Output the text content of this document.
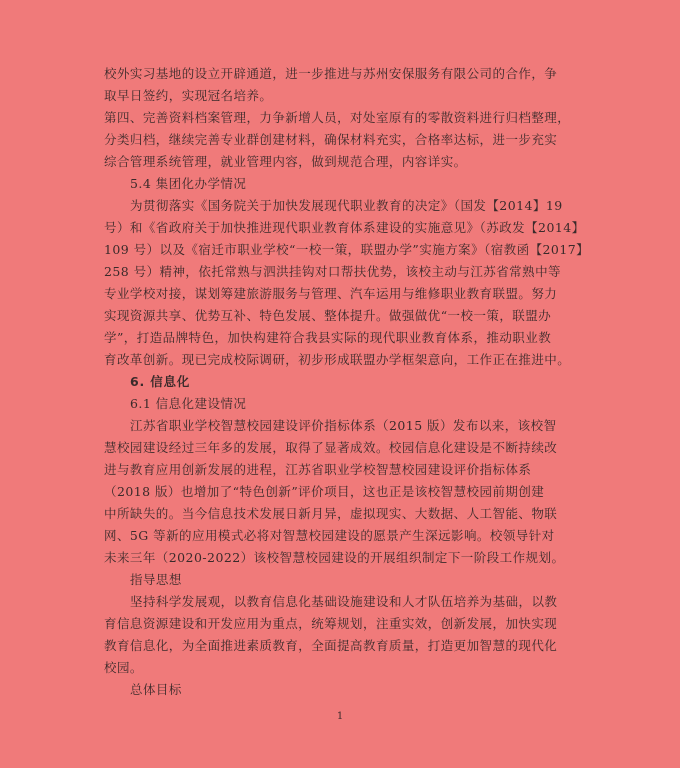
校外实习基地的设立开辟通道，进一步推进与苏州安保服务有限公司的合作，争
取早日签约，实现冠名培养。
第四、完善资料档案管理，力争新增人员，对处室原有的零散资料进行归档整理，
分类归档，继续完善专业群创建材料，确保材料充实，合格率达标，进一步充实
综合管理系统管理，就业管理内容，做到规范合理，内容详实。
5.4 集团化办学情况
为贯彻落实《国务院关于加快发展现代职业教育的决定》（国发【2014】19
号）和《省政府关于加快推进现代职业教育体系建设的实施意见》（苏政发【2014】
109 号）以及《宿迁市职业学校“一校一策，联盟办学”实施方案》（宿教函【2017】
258 号）精神，依托常熟与泗洪挂钩对口帮扶优势，该校主动与江苏省常熟中等
专业学校对接，谋划筹建旅游服务与管理、汽车运用与维修职业教育联盟。努力
实现资源共享、优势互补、特色发展、整体提升。做强做优“一校一策，联盟办
学”，打造品牌特色，加快构建符合我县实际的现代职业教育体系，推动职业教
育改革创新。现已完成校际调研，初步形成联盟办学框架意向，工作正在推进中。
6. 信息化
6.1 信息化建设情况
江苏省职业学校智慧校园建设评价指标体系（2015 版）发布以来，该校智
慧校园建设经过三年多的发展，取得了显著成效。校园信息化建设是不断持续改
进与教育应用创新发展的进程，江苏省职业学校智慧校园建设评价指标体系
（2018 版）也增加了“特色创新”评价项目，这也正是该校智慧校园前期创建
中所缺失的。当今信息技术发展日新月异，虚拟现实、大数据、人工智能、物联
网、5G 等新的应用模式必将对智慧校园建设的愿景产生深远影响。校领导针对
未来三年（2020-2022）该校智慧校园建设的开展组织制定下一阶段工作规划。
指导思想
坚持科学发展观，以教育信息化基础设施建设和人才队伍培养为基础，以教
育信息资源建设和开发应用为重点，统筹规划，注重实效，创新发展，加快实现
教育信息化，为全面推进素质教育，全面提高教育质量，打造更加智慧的现代化
校园。
总体目标
1
